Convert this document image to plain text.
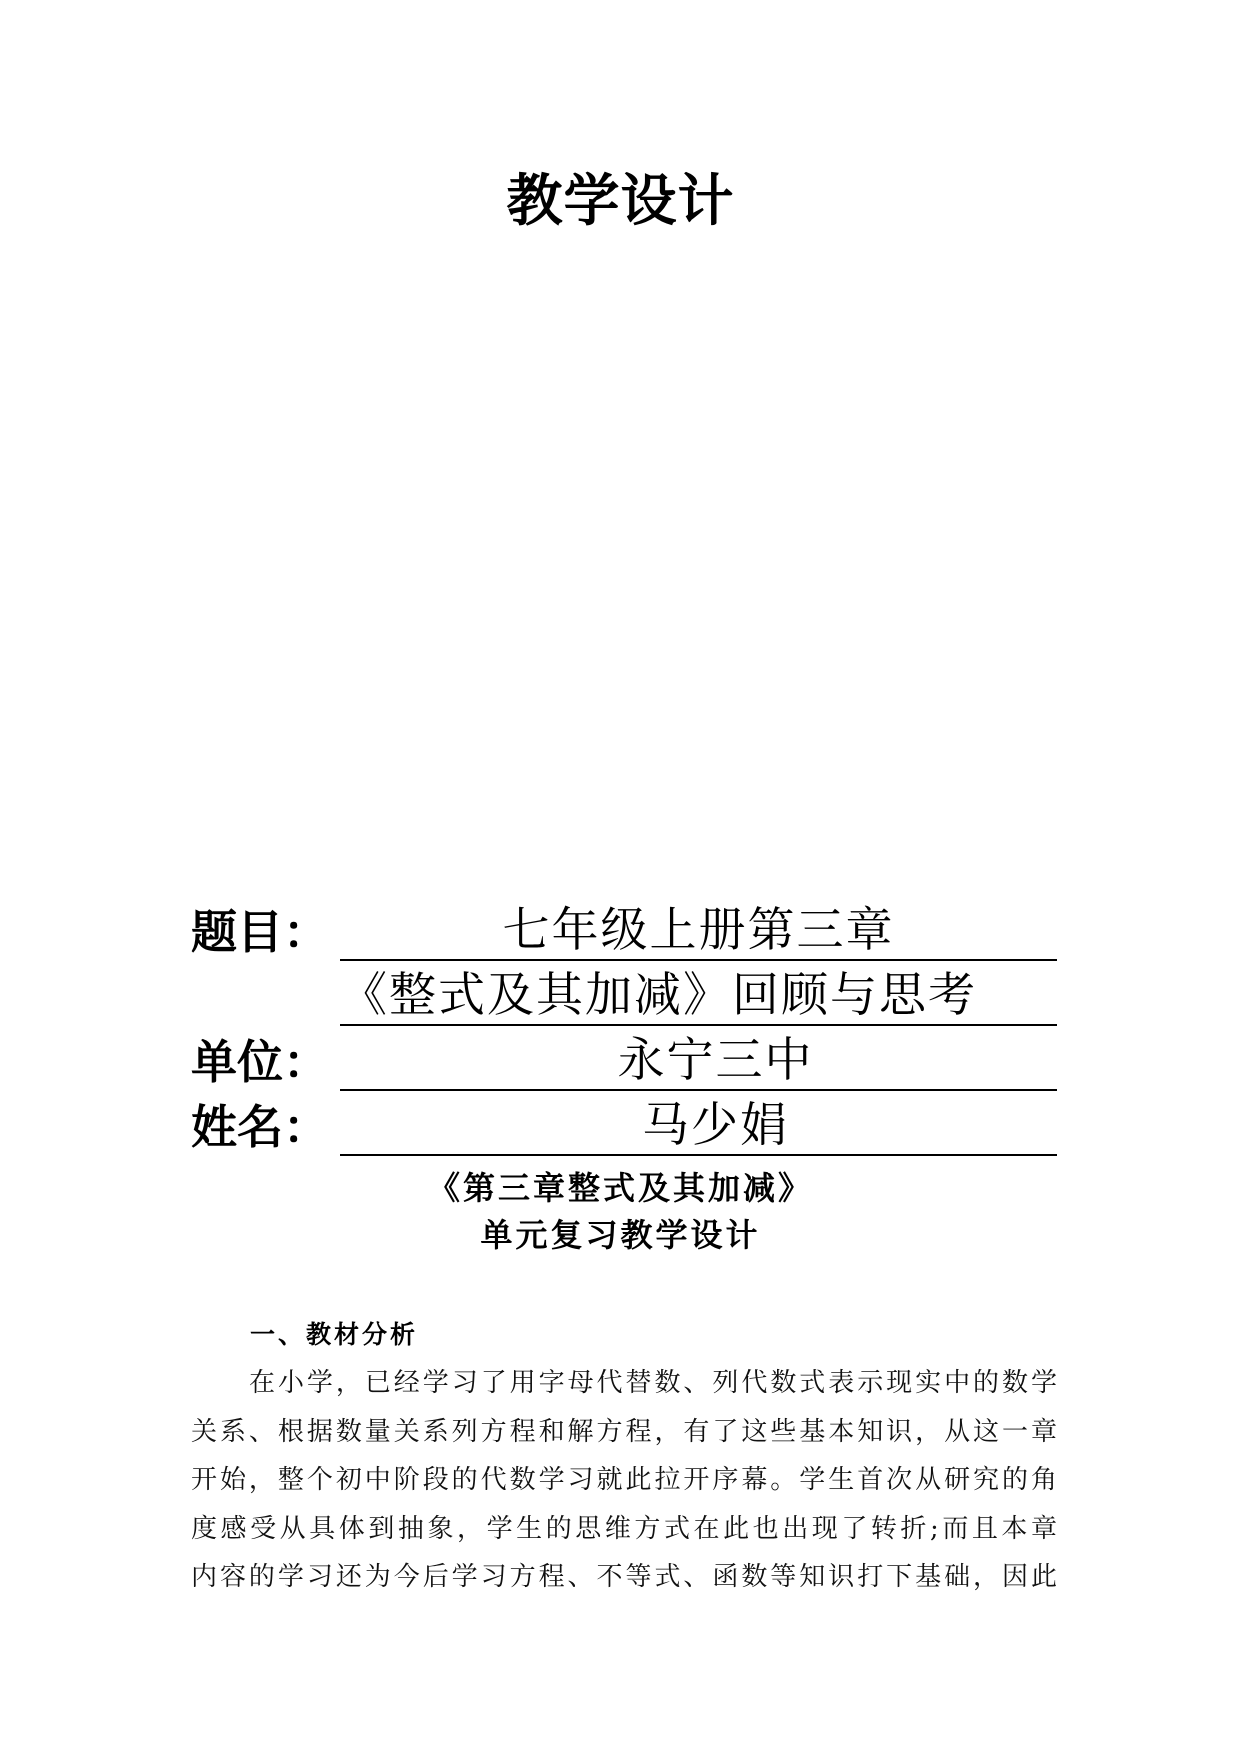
教学设计
题目：	七年级上册第三章
《整式及其加减》回顾与思考
单位：	永宁三中
姓名：	马少娟
《第三章整式及其加减》
单元复习教学设计
一、教材分析
在小学，已经学习了用字母代替数、列代数式表示现实中的数学
关系、根据数量关系列方程和解方程，有了这些基本知识，从这一章
开始，整个初中阶段的代数学习就此拉开序幕。学生首次从研究的角
度感受从具体到抽象，学生的思维方式在此也出现了转折;而且本章
内容的学习还为今后学习方程、不等式、函数等知识打下基础，因此
